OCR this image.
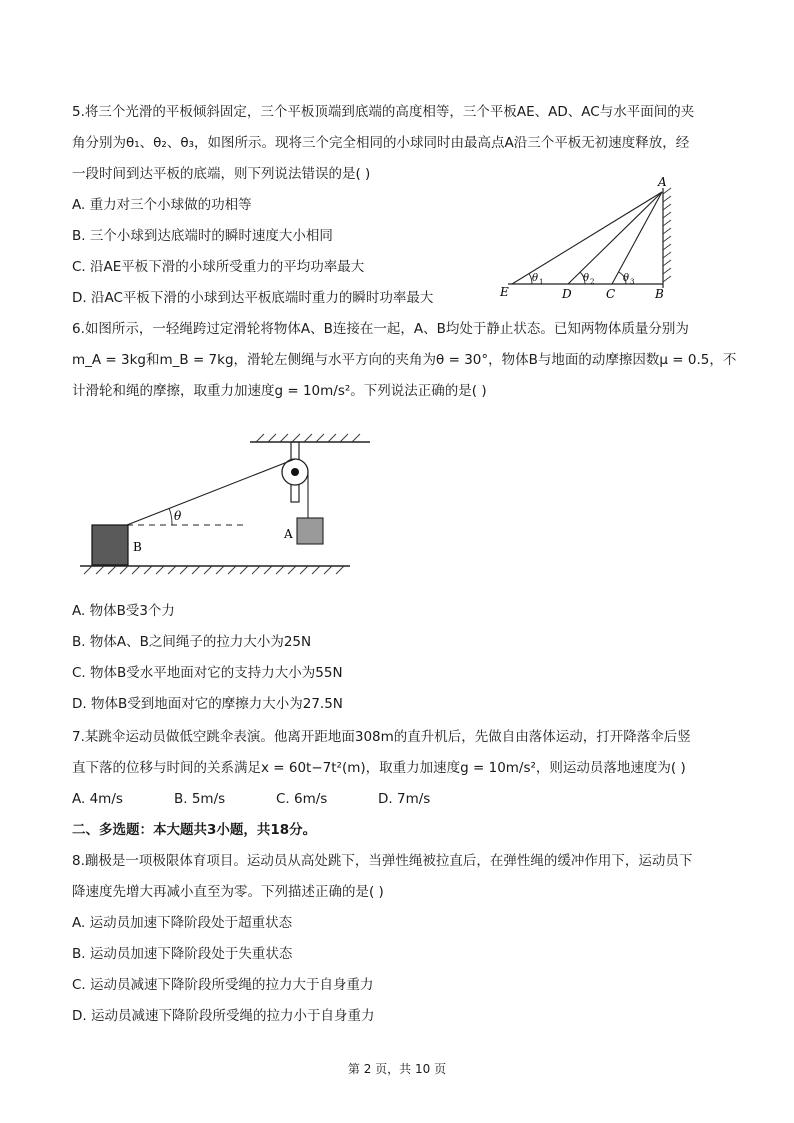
5.将三个光滑的平板倾斜固定，三个平板顶端到底端的高度相等，三个平板AE、AD、AC与水平面间的夹
角分别为θ₁、θ₂、θ₃，如图所示。现将三个完全相同的小球同时由最高点A沿三个平板无初速度释放，经
一段时间到达平板的底端，则下列说法错误的是( )
A. 重力对三个小球做的功相等
B. 三个小球到达底端时的瞬时速度大小相同
C. 沿AE平板下滑的小球所受重力的平均功率最大
D. 沿AC平板下滑的小球到达平板底端时重力的瞬时功率最大
A
E	D	C	B
θ 1	θ 2	θ 3
6.如图所示，一轻绳跨过定滑轮将物体A、B连接在一起，A、B均处于静止状态。已知两物体质量分别为
m_A = 3kg和m_B = 7kg，滑轮左侧绳与水平方向的夹角为θ = 30°，物体B与地面的动摩擦因数μ = 0.5，不
计滑轮和绳的摩擦，取重力加速度g = 10m/s²。下列说法正确的是( )
θ
A
B
A. 物体B受3个力
B. 物体A、B之间绳子的拉力大小为25N
C. 物体B受水平地面对它的支持力大小为55N
D. 物体B受到地面对它的摩擦力大小为27.5N
7.某跳伞运动员做低空跳伞表演。他离开距地面308m的直升机后，先做自由落体运动，打开降落伞后竖
直下落的位移与时间的关系满足x = 60t−7t²(m)，取重力加速度g = 10m/s²，则运动员落地速度为( )
A. 4m/s	B. 5m/s	C. 6m/s	D. 7m/s
二、多选题：本大题共3小题，共18分。
8.蹦极是一项极限体育项目。运动员从高处跳下，当弹性绳被拉直后，在弹性绳的缓冲作用下，运动员下
降速度先增大再减小直至为零。下列描述正确的是( )
A. 运动员加速下降阶段处于超重状态
B. 运动员加速下降阶段处于失重状态
C. 运动员减速下降阶段所受绳的拉力大于自身重力
D. 运动员减速下降阶段所受绳的拉力小于自身重力
第 2 页，共 10 页
